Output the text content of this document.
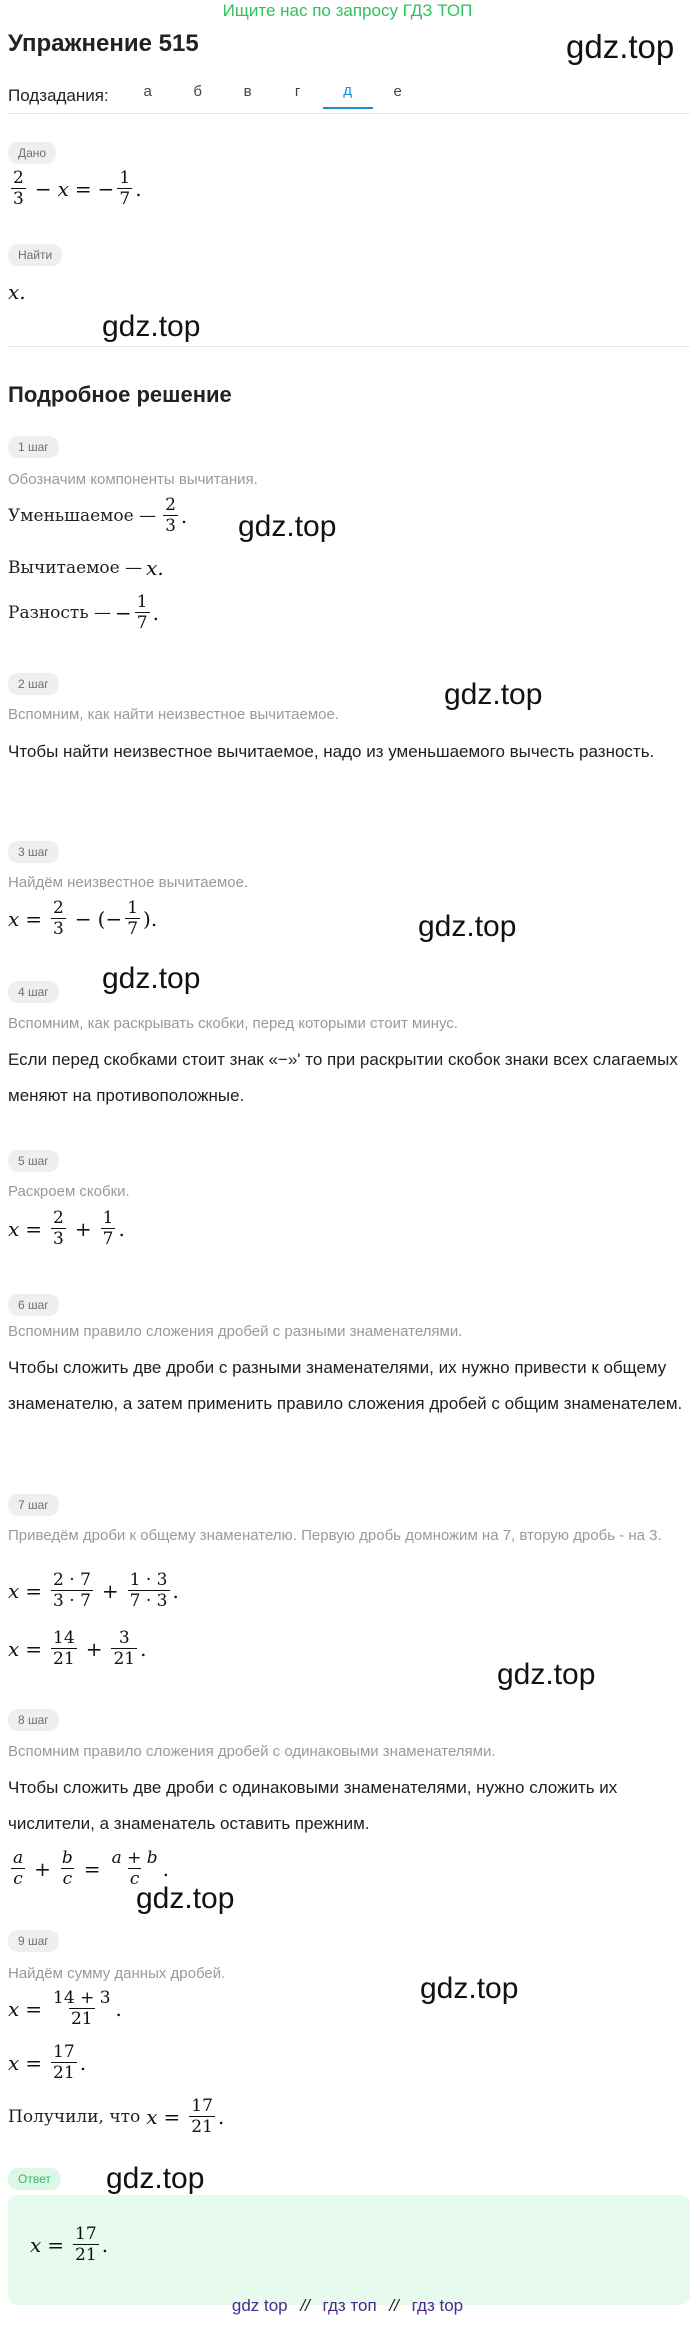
Ищите нас по запросу ГДЗ ТОП
Упражнение 515	gdz.top
Подзадания:	а	б	в	г	д	е
Дано
$\frac{2}{3} - x$ = − $\frac{1}{7}$ .
Найти
x.
gdz.top
Подробное решение
1 шаг
Обозначим компоненты вычитания.
Уменьшаемое — $\frac{2}{3}$ . gdz.top
Вычитаемое — x.
Разность — − $\frac{1}{7}$ .
2 шаг	gdz.top
Вспомним, как найти неизвестное вычитаемое.
Чтобы найти неизвестное вычитаемое, надо из уменьшаемого вычесть разность.
3 шаг
Найдём неизвестное вычитаемое.
$x = \frac{2}{3}$ − (− $\frac{1}{7}$ ).	gdz.top
gdz.top
4 шаг
Вспомним, как раскрывать скобки, перед которыми стоит минус.
Если перед скобками стоит знак «−»' то при раскрытии скобок знаки всех слагаемых меняют на противоположные.
5 шаг
Раскроем скобки.
$x = \frac{2}{3} + \frac{1}{7}$ .
6 шаг
Вспомним правило сложения дробей с разными знаменателями.
Чтобы сложить две дроби с разными знаменателями, их нужно привести к общему знаменателю, а затем применить правило сложения дробей с общим знаменателем.
7 шаг
Приведём дроби к общему знаменателю. Первую дробь домножим на 7, вторую дробь - на 3.
$x = \frac{2 \cdot 7}{3 \cdot 7} + \frac{1 \cdot 3}{7 \cdot 3}$ .
$x = \frac{14}{21} + \frac{3}{21}$ .
gdz.top
8 шаг
Вспомним правило сложения дробей с одинаковыми знаменателями.
Чтобы сложить две дроби с одинаковыми знаменателями, нужно сложить их числители, а знаменатель оставить прежним.
$\frac{a}{c} + \frac{b}{c} = \frac{a + b}{c}$ .
gdz.top
9 шаг
gdz.top
Найдём сумму данных дробей.
$x = \frac{14 + 3}{21}$ .
$x = \frac{17}{21}$ .
Получили, что $x = \frac{17}{21}$ .
Ответ	gdz.top
$x = \frac{17}{21}$ .
gdz top // гдз топ // гдз top
